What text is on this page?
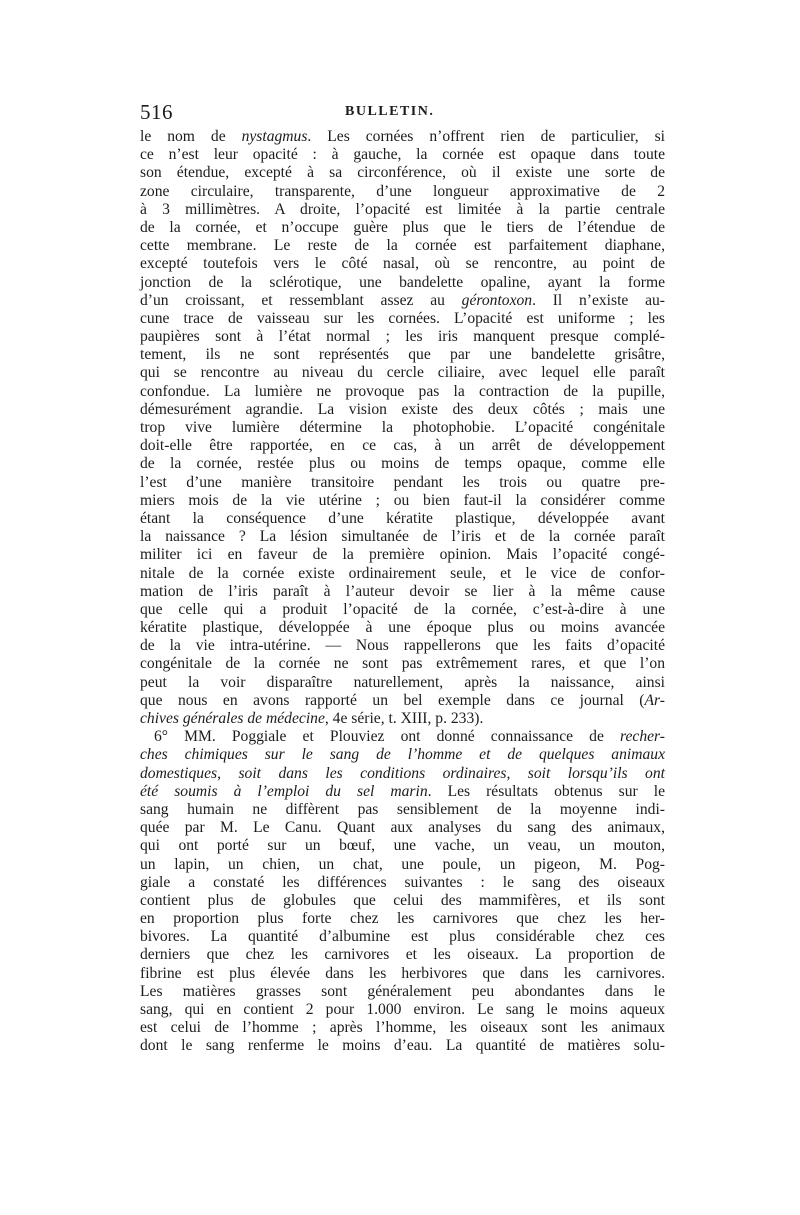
516	BULLETIN.
le nom de nystagmus. Les cornées n’offrent rien de particulier, si
ce n’est leur opacité : à gauche, la cornée est opaque dans toute
son étendue, excepté à sa circonférence, où il existe une sorte de
zone circulaire, transparente, d’une longueur approximative de 2
à 3 millimètres. A droite, l’opacité est limitée à la partie centrale
de la cornée, et n’occupe guère plus que le tiers de l’étendue de
cette membrane. Le reste de la cornée est parfaitement diaphane,
excepté toutefois vers le côté nasal, où se rencontre, au point de
jonction de la sclérotique, une bandelette opaline, ayant la forme
d’un croissant, et ressemblant assez au gérontoxon. Il n’existe au-
cune trace de vaisseau sur les cornées. L’opacité est uniforme ; les
paupières sont à l’état normal ; les iris manquent presque complé-
tement, ils ne sont représentés que par une bandelette grisâtre,
qui se rencontre au niveau du cercle ciliaire, avec lequel elle paraît
confondue. La lumière ne provoque pas la contraction de la pupille,
démesurément agrandie. La vision existe des deux côtés ; mais une
trop vive lumière détermine la photophobie. L’opacité congénitale
doit-elle être rapportée, en ce cas, à un arrêt de développement
de la cornée, restée plus ou moins de temps opaque, comme elle
l’est d’une manière transitoire pendant les trois ou quatre pre-
miers mois de la vie utérine ; ou bien faut-il la considérer comme
étant la conséquence d’une kératite plastique, développée avant
la naissance ? La lésion simultanée de l’iris et de la cornée paraît
militer ici en faveur de la première opinion. Mais l’opacité congé-
nitale de la cornée existe ordinairement seule, et le vice de confor-
mation de l’iris paraît à l’auteur devoir se lier à la même cause
que celle qui a produit l’opacité de la cornée, c’est-à-dire à une
kératite plastique, développée à une époque plus ou moins avancée
de la vie intra-utérine. — Nous rappellerons que les faits d’opacité
congénitale de la cornée ne sont pas extrêmement rares, et que l’on
peut la voir disparaître naturellement, après la naissance, ainsi
que nous en avons rapporté un bel exemple dans ce journal (Ar-
chives générales de médecine, 4e série, t. XIII, p. 233).
6° MM. Poggiale et Plouviez ont donné connaissance de recher-
ches chimiques sur le sang de l’homme et de quelques animaux
domestiques, soit dans les conditions ordinaires, soit lorsqu’ils ont
été soumis à l’emploi du sel marin. Les résultats obtenus sur le
sang humain ne diffèrent pas sensiblement de la moyenne indi-
quée par M. Le Canu. Quant aux analyses du sang des animaux,
qui ont porté sur un bœuf, une vache, un veau, un mouton,
un lapin, un chien, un chat, une poule, un pigeon, M. Pog-
giale a constaté les différences suivantes : le sang des oiseaux
contient plus de globules que celui des mammifères, et ils sont
en proportion plus forte chez les carnivores que chez les her-
bivores. La quantité d’albumine est plus considérable chez ces
derniers que chez les carnivores et les oiseaux. La proportion de
fibrine est plus élevée dans les herbivores que dans les carnivores.
Les matières grasses sont généralement peu abondantes dans le
sang, qui en contient 2 pour 1.000 environ. Le sang le moins aqueux
est celui de l’homme ; après l’homme, les oiseaux sont les animaux
dont le sang renferme le moins d’eau. La quantité de matières solu-
